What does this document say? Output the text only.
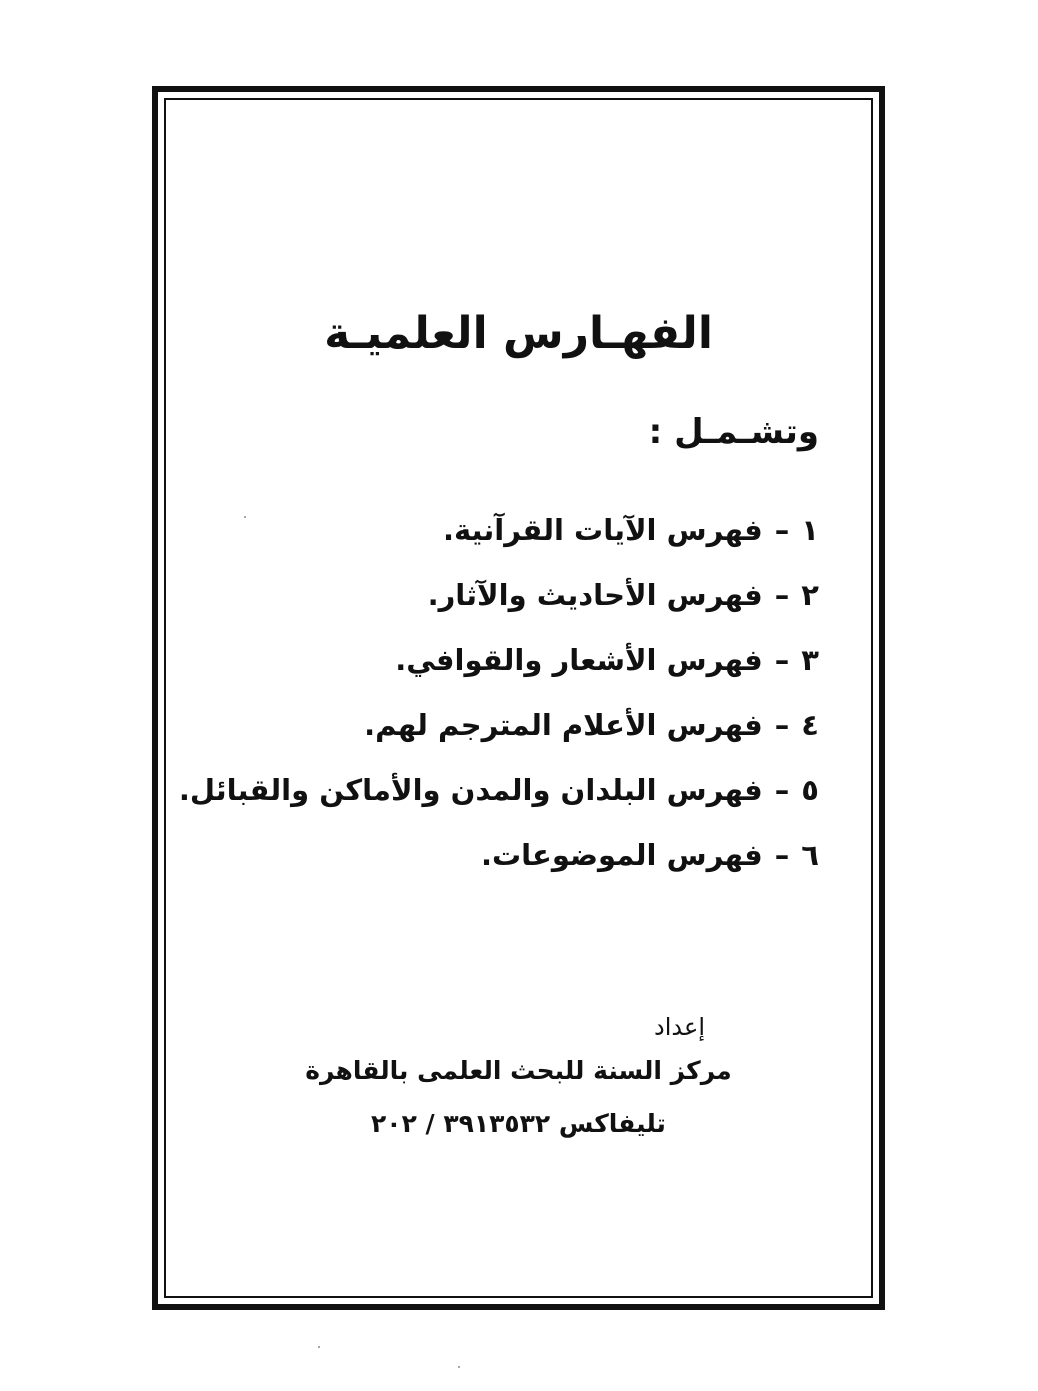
الفهـارس العلميـة
وتشـمـل :
١–فهرس الآيات القرآنية.
٢–فهرس الأحاديث والآثار.
٣–فهرس الأشعار والقوافي.
٤–فهرس الأعلام المترجم لهم.
٥–فهرس البلدان والمدن والأماكن والقبائل.
٦–فهرس الموضوعات.
إعداد
مركز السنة للبحث العلمى بالقاهرة
تليفاكس ٣٩١٣٥٣٢ / ٢٠٢
